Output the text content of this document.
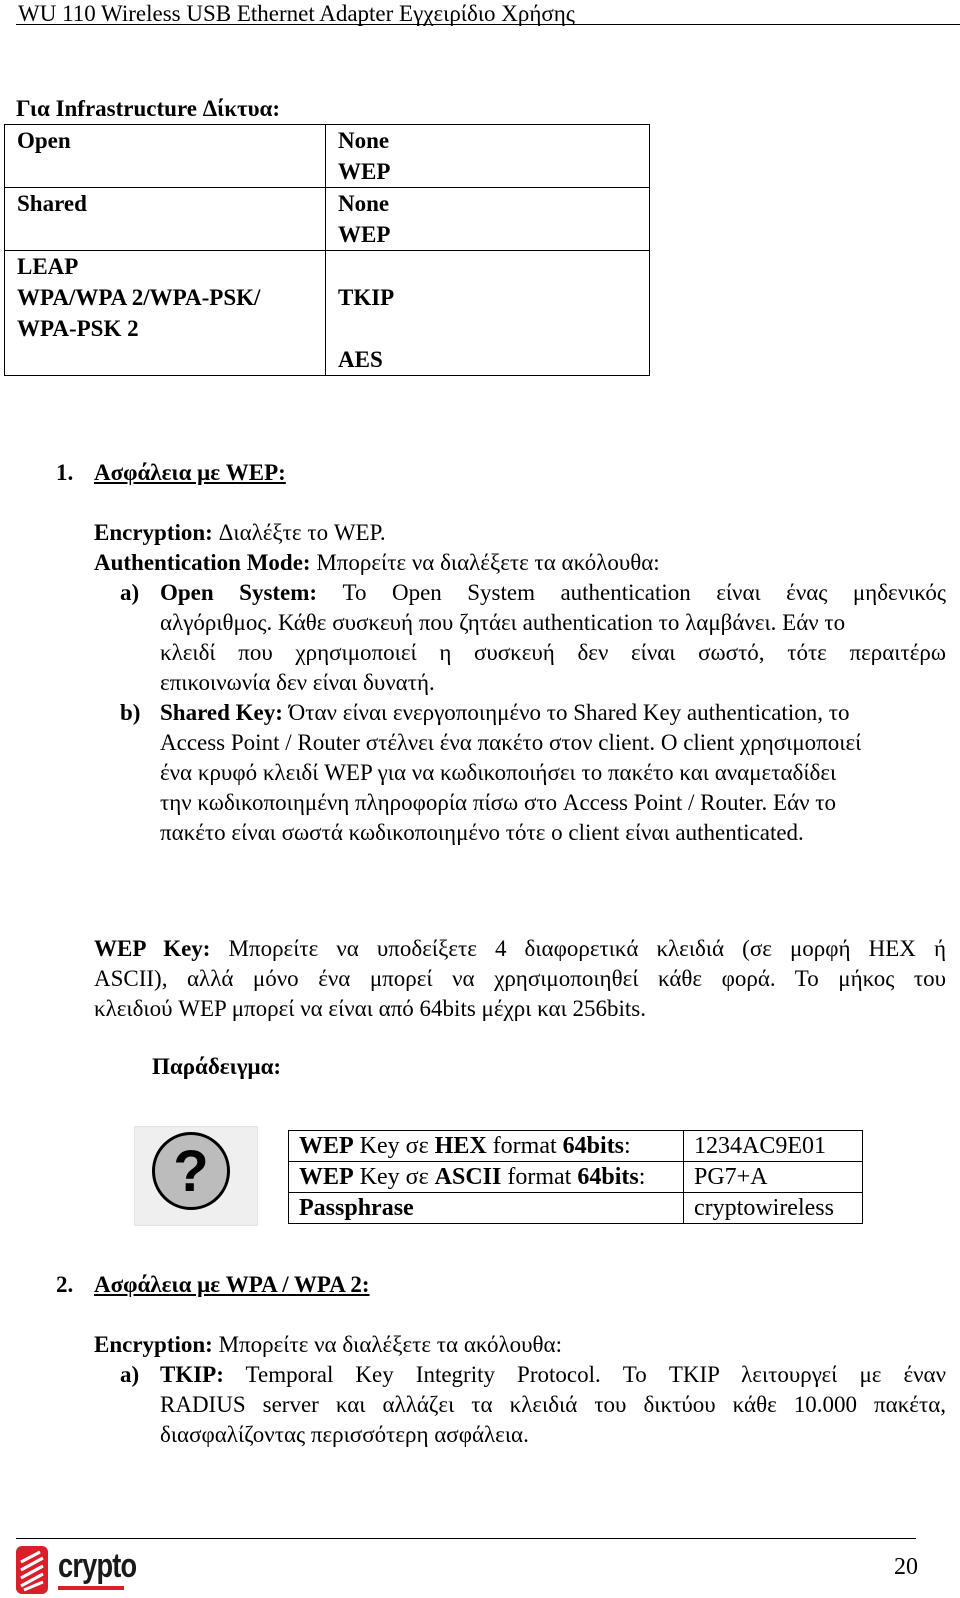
WU 110 Wireless USB Ethernet Adapter Εγχειρίδιο Χρήσης
Για Infrastructure Δίκτυα:
Open	None
WEP

Shared	None
WEP

LEAP
WPA/WPA 2/WPA-PSK/
WPA-PSK 2	TKIP
AES
1. Ασφάλεια με WEP:
Encryption: Διαλέξτε το WEP.
Authentication Mode: Μπορείτε να διαλέξετε τα ακόλουθα:
a) Open System: Το Open System authentication είναι ένας μηδενικός
αλγόριθμος. Κάθε συσκευή που ζητάει authentication το λαμβάνει. Εάν το
κλειδί που χρησιμοποιεί η συσκευή δεν είναι σωστό, τότε περαιτέρω
επικοινωνία δεν είναι δυνατή.
b) Shared Key: Όταν είναι ενεργοποιημένο το Shared Key authentication, το
Access Point / Router στέλνει ένα πακέτο στον client. Ο client χρησιμοποιεί
ένα κρυφό κλειδί WEP για να κωδικοποιήσει το πακέτο και αναμεταδίδει
την κωδικοποιημένη πληροφορία πίσω στο Access Point / Router. Εάν το
πακέτο είναι σωστά κωδικοποιημένο τότε ο client είναι authenticated.
WEP Key: Μπορείτε να υποδείξετε 4 διαφορετικά κλειδιά (σε μορφή HEX ή
ASCII), αλλά μόνο ένα μπορεί να χρησιμοποιηθεί κάθε φορά. Το μήκος του
κλειδιού WEP μπορεί να είναι από 64bits μέχρι και 256bits.
Παράδειγμα:
?	WEP Key σε HEX format 64bits:	1234AC9E01
WEP Key σε ASCII format 64bits:	PG7+A
Passphrase	cryptowireless
2. Ασφάλεια με WPA / WPA 2:
Encryption: Μπορείτε να διαλέξετε τα ακόλουθα:
a) TKIP: Temporal Key Integrity Protocol. Το TKIP λειτουργεί με έναν
RADIUS server και αλλάζει τα κλειδιά του δικτύου κάθε 10.000 πακέτα,
διασφαλίζοντας περισσότερη ασφάλεια.
crypto	20
